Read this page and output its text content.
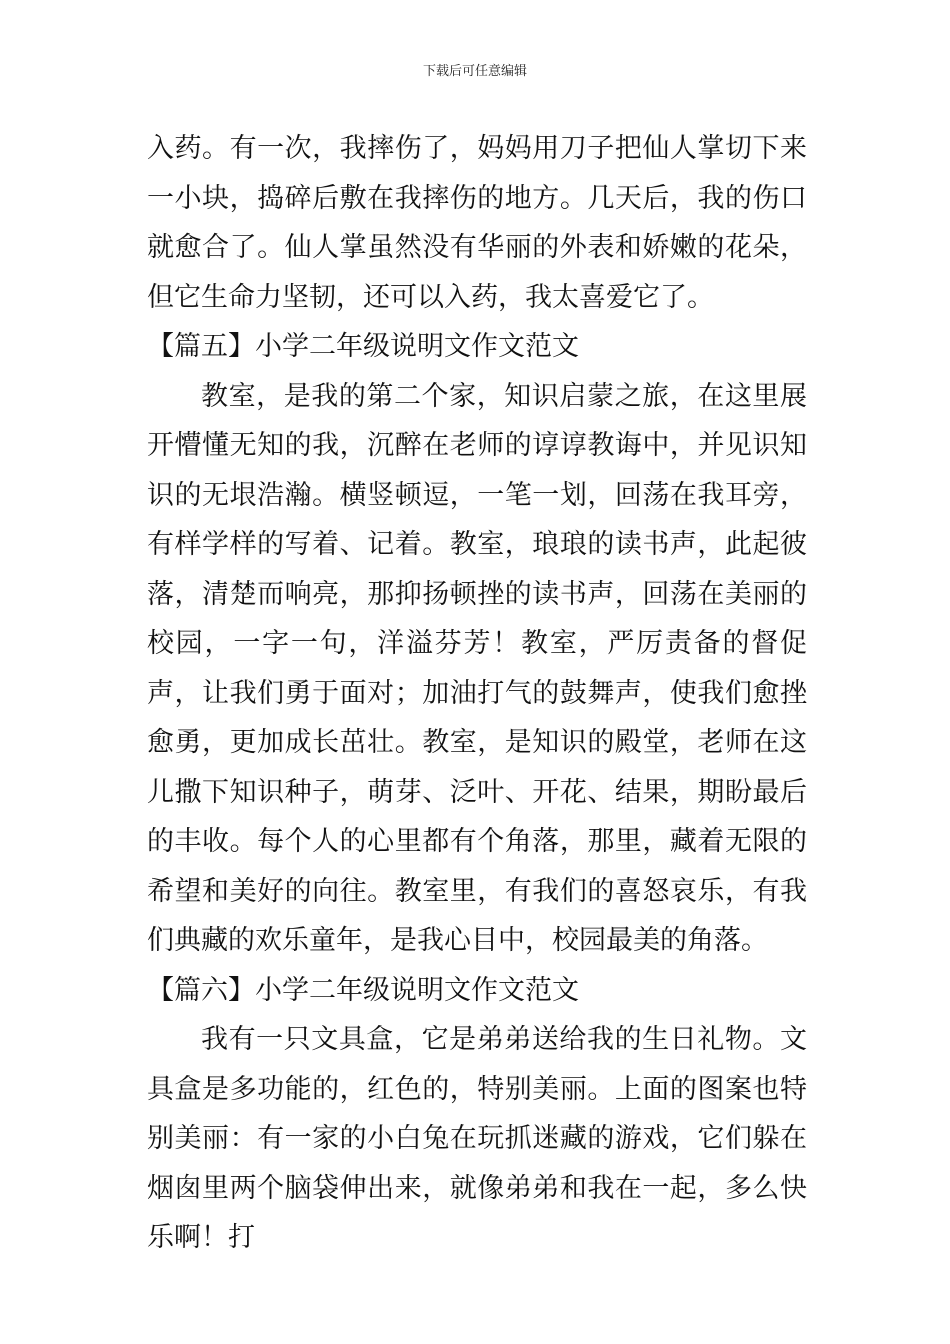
下载后可任意编辑

入药。有一次，我摔伤了，妈妈用刀子把仙人掌切下来一小块，捣碎后敷在我摔伤的地方。几天后，我的伤口就愈合了。仙人掌虽然没有华丽的外表和娇嫩的花朵，但它生命力坚韧，还可以入药，我太喜爱它了。

【篇五】小学二年级说明文作文范文

教室，是我的第二个家，知识启蒙之旅，在这里展开懵懂无知的我，沉醉在老师的谆谆教诲中，并见识知识的无垠浩瀚。横竖顿逗，一笔一划，回荡在我耳旁，有样学样的写着、记着。教室，琅琅的读书声，此起彼落，清楚而响亮，那抑扬顿挫的读书声，回荡在美丽的校园，一字一句，洋溢芬芳！教室，严厉责备的督促声，让我们勇于面对；加油打气的鼓舞声，使我们愈挫愈勇，更加成长茁壮。教室，是知识的殿堂，老师在这儿撒下知识种子，萌芽、泛叶、开花、结果，期盼最后的丰收。每个人的心里都有个角落，那里，藏着无限的希望和美好的向往。教室里，有我们的喜怒哀乐，有我们典藏的欢乐童年，是我心目中，校园最美的角落。

【篇六】小学二年级说明文作文范文

我有一只文具盒，它是弟弟送给我的生日礼物。文具盒是多功能的，红色的，特别美丽。上面的图案也特别美丽：有一家的小白兔在玩抓迷藏的游戏，它们躲在烟囱里两个脑袋伸出来，就像弟弟和我在一起，多么快乐啊！打
